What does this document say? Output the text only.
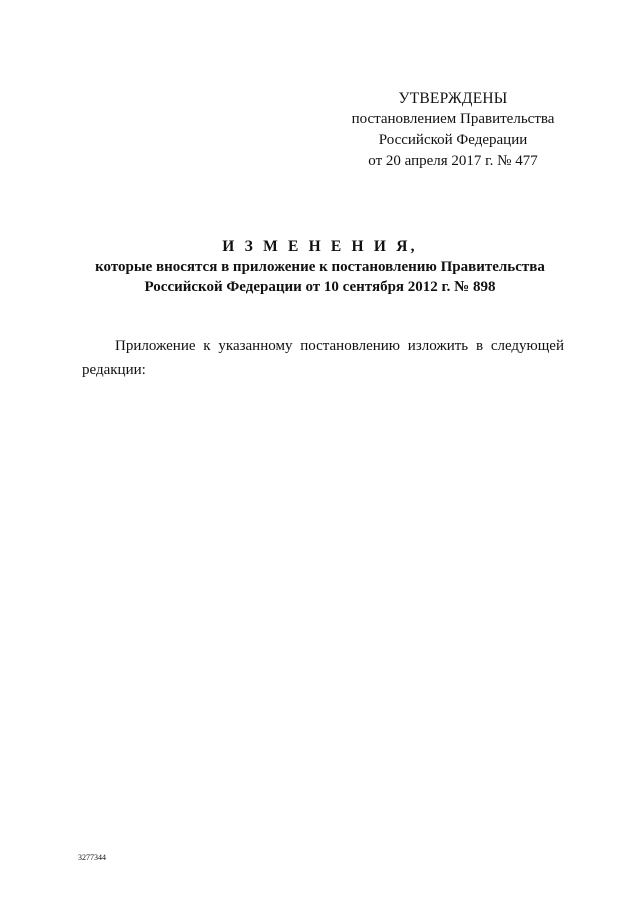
УТВЕРЖДЕНЫ
постановлением Правительства
Российской Федерации
от 20 апреля 2017 г. № 477
И З М Е Н Е Н И Я,
которые вносятся в приложение к постановлению Правительства
Российской Федерации от 10 сентября 2012 г. № 898

Приложение к указанному постановлению изложить в следующей редакции:

3277344
